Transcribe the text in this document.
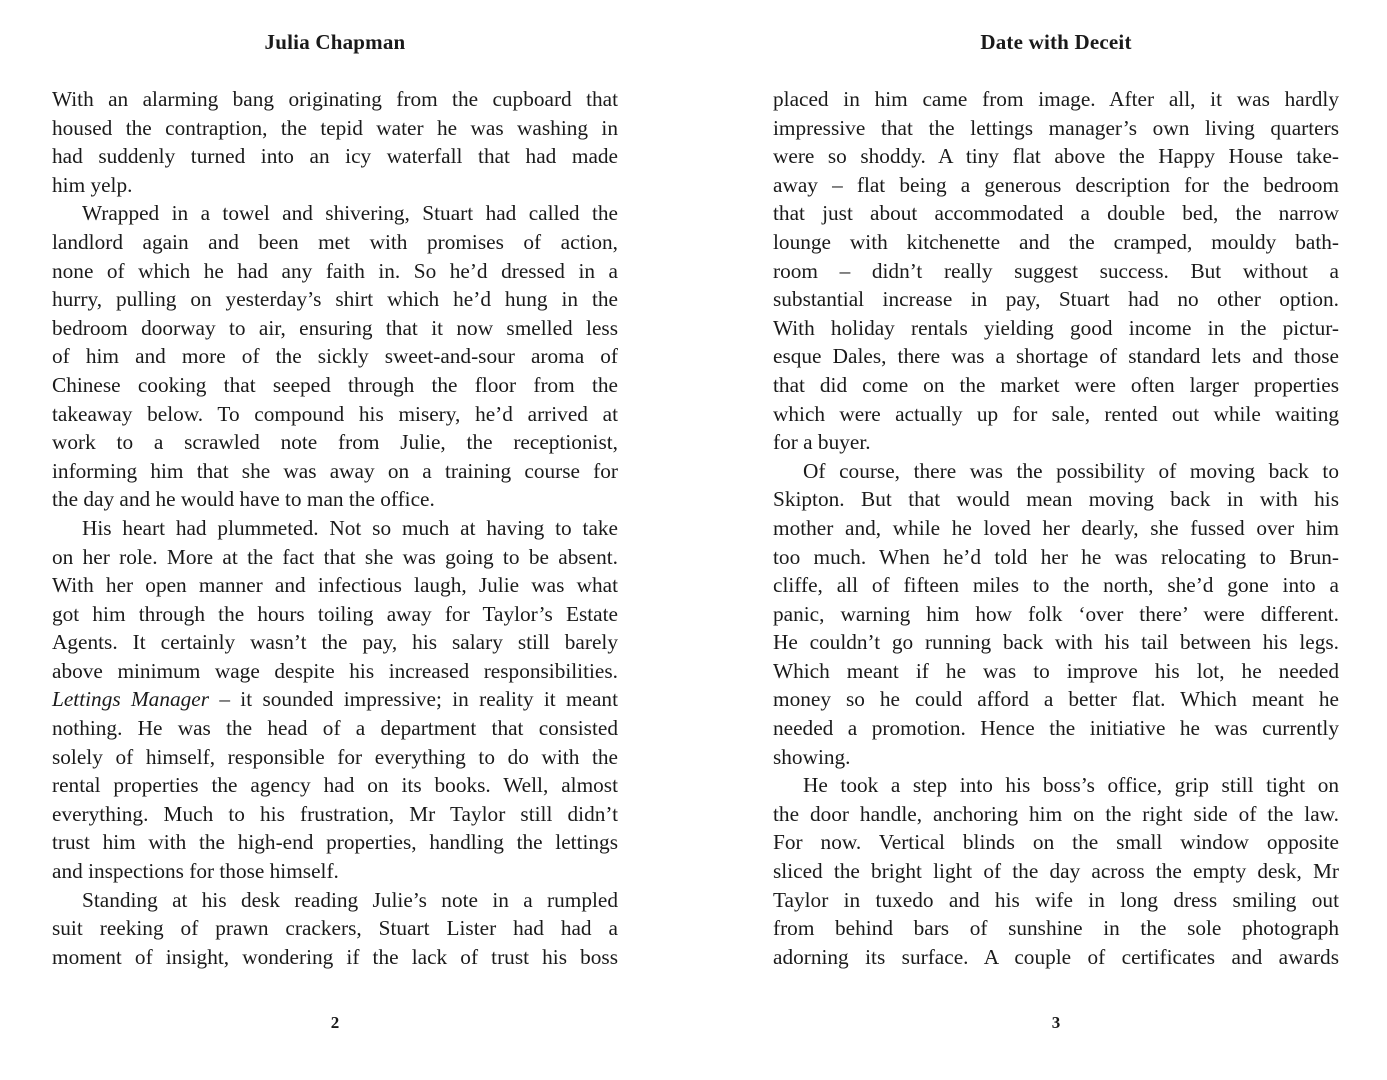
Julia Chapman
With an alarming bang originating from the cupboard that
housed the contraption, the tepid water he was washing in
had suddenly turned into an icy waterfall that had made
him yelp.
Wrapped in a towel and shivering, Stuart had called the
landlord again and been met with promises of action,
none of which he had any faith in. So he’d dressed in a
hurry, pulling on yesterday’s shirt which he’d hung in the
bedroom doorway to air, ensuring that it now smelled less
of him and more of the sickly sweet-and-sour aroma of
Chinese cooking that seeped through the floor from the
takeaway below. To compound his misery, he’d arrived at
work to a scrawled note from Julie, the receptionist,
informing him that she was away on a training course for
the day and he would have to man the office.
His heart had plummeted. Not so much at having to take
on her role. More at the fact that she was going to be absent.
With her open manner and infectious laugh, Julie was what
got him through the hours toiling away for Taylor’s Estate
Agents. It certainly wasn’t the pay, his salary still barely
above minimum wage despite his increased responsibilities.
Lettings Manager – it sounded impressive; in reality it meant
nothing. He was the head of a department that consisted
solely of himself, responsible for everything to do with the
rental properties the agency had on its books. Well, almost
everything. Much to his frustration, Mr Taylor still didn’t
trust him with the high-end properties, handling the lettings
and inspections for those himself.
Standing at his desk reading Julie’s note in a rumpled
suit reeking of prawn crackers, Stuart Lister had had a
moment of insight, wondering if the lack of trust his boss
2
Date with Deceit
placed in him came from image. After all, it was hardly
impressive that the lettings manager’s own living quarters
were so shoddy. A tiny flat above the Happy House take-
away – flat being a generous description for the bedroom
that just about accommodated a double bed, the narrow
lounge with kitchenette and the cramped, mouldy bath-
room – didn’t really suggest success. But without a
substantial increase in pay, Stuart had no other option.
With holiday rentals yielding good income in the pictur-
esque Dales, there was a shortage of standard lets and those
that did come on the market were often larger properties
which were actually up for sale, rented out while waiting
for a buyer.
Of course, there was the possibility of moving back to
Skipton. But that would mean moving back in with his
mother and, while he loved her dearly, she fussed over him
too much. When he’d told her he was relocating to Brun-
cliffe, all of fifteen miles to the north, she’d gone into a
panic, warning him how folk ‘over there’ were different.
He couldn’t go running back with his tail between his legs.
Which meant if he was to improve his lot, he needed
money so he could afford a better flat. Which meant he
needed a promotion. Hence the initiative he was currently
showing.
He took a step into his boss’s office, grip still tight on
the door handle, anchoring him on the right side of the law.
For now. Vertical blinds on the small window opposite
sliced the bright light of the day across the empty desk, Mr
Taylor in tuxedo and his wife in long dress smiling out
from behind bars of sunshine in the sole photograph
adorning its surface. A couple of certificates and awards
3
